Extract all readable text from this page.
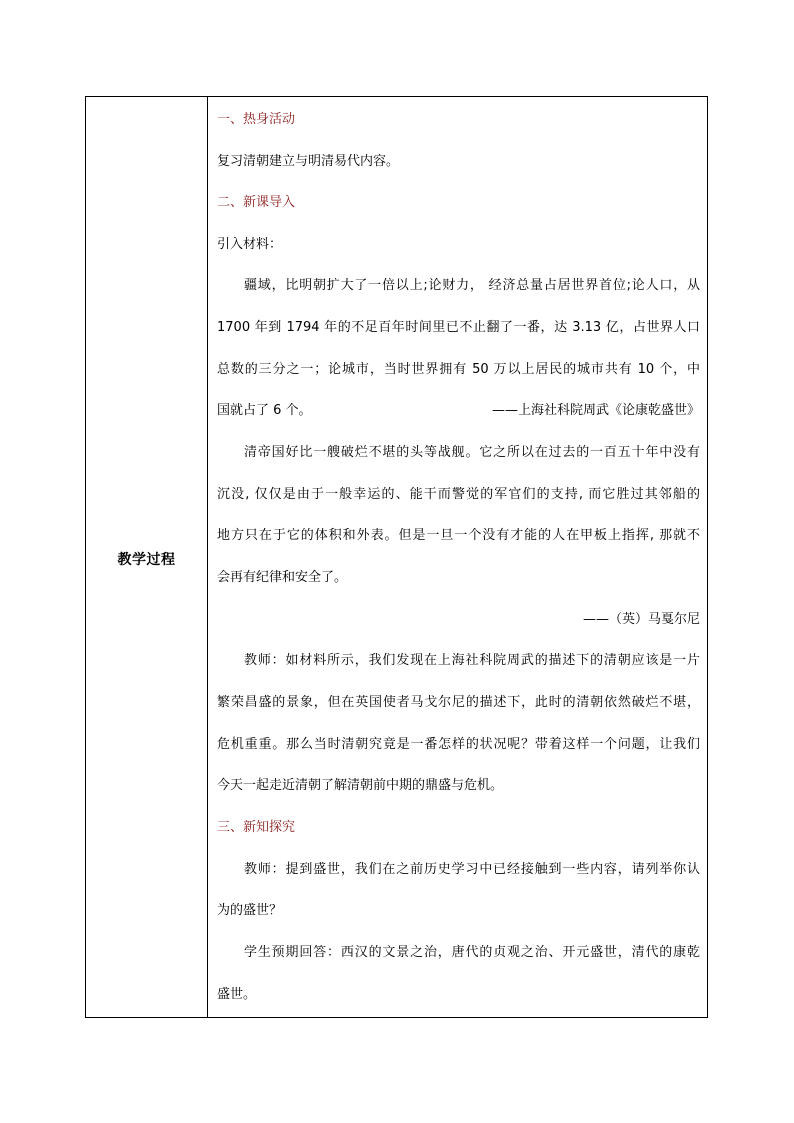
教学过程
一、热身活动
复习清朝建立与明清易代内容。
二、新课导入
引入材料：
疆域，比明朝扩大了一倍以上;论财力， 经济总量占居世界首位;论人口，从
1700 年到 1794 年的不足百年时间里已不止翻了一番，达 3.13 亿，占世界人口
总数的三分之一；论城市，当时世界拥有 50 万以上居民的城市共有 10 个，中
国就占了 6 个。	——上海社科院周武《论康乾盛世》
清帝国好比一艘破烂不堪的头等战舰。它之所以在过去的一百五十年中没有
沉没, 仅仅是由于一般幸运的、能干而警觉的军官们的支持, 而它胜过其邻船的
地方只在于它的体积和外表。但是一旦一个没有才能的人在甲板上指挥, 那就不
会再有纪律和安全了。
——（英）马戛尔尼
教师：如材料所示，我们发现在上海社科院周武的描述下的清朝应该是一片
繁荣昌盛的景象，但在英国使者马戈尔尼的描述下，此时的清朝依然破烂不堪，
危机重重。那么当时清朝究竟是一番怎样的状况呢？带着这样一个问题，让我们
今天一起走近清朝了解清朝前中期的鼎盛与危机。
三、新知探究
教师：提到盛世，我们在之前历史学习中已经接触到一些内容，请列举你认
为的盛世？
学生预期回答：西汉的文景之治，唐代的贞观之治、开元盛世，清代的康乾
盛世。
